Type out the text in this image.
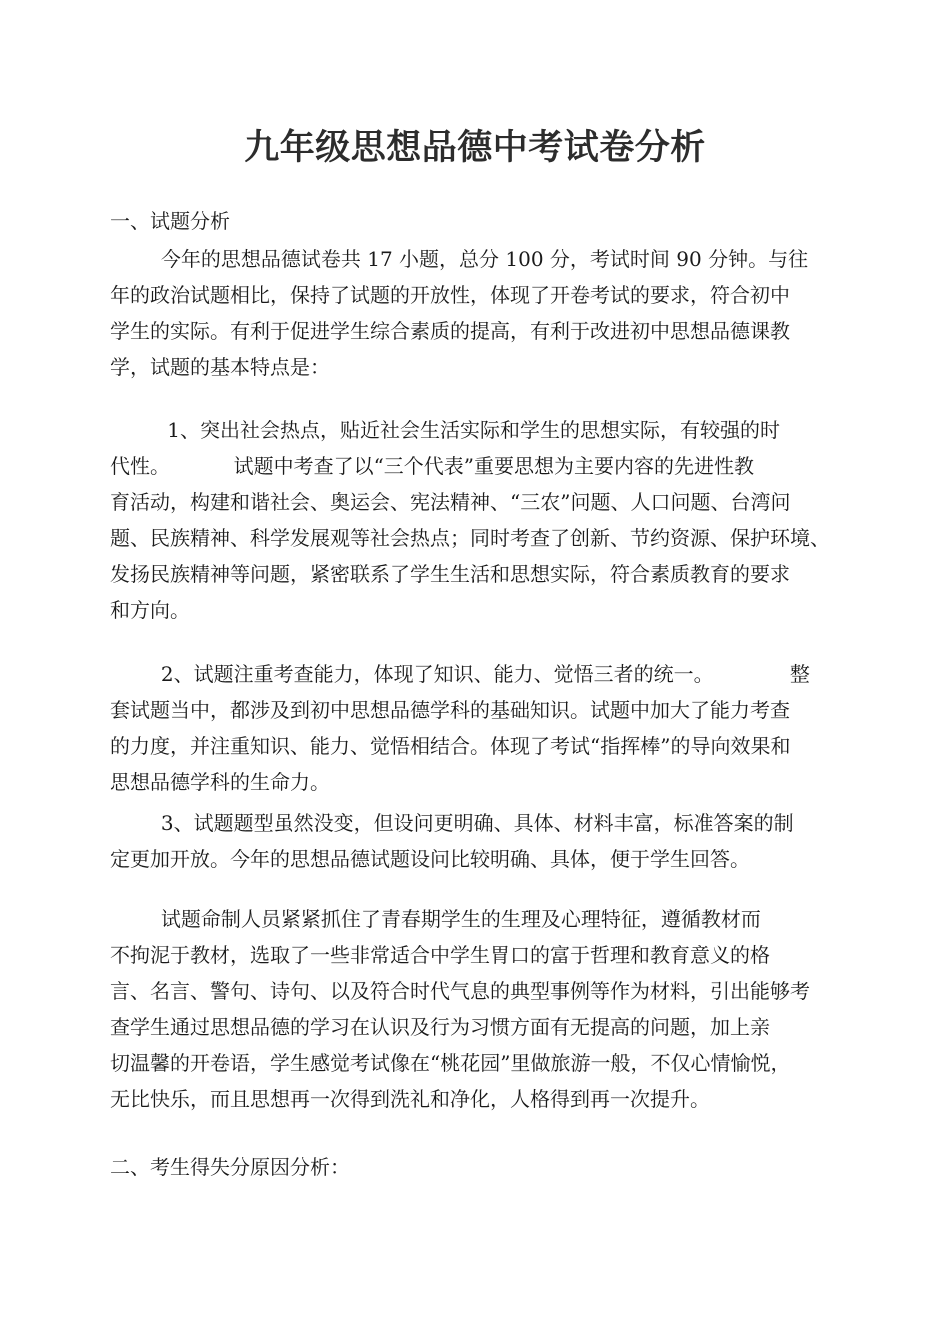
九年级思想品德中考试卷分析
一、试题分析
今年的思想品德试卷共 17 小题，总分 100 分，考试时间 90 分钟。与往
年的政治试题相比，保持了试题的开放性，体现了开卷考试的要求，符合初中
学生的实际。有利于促进学生综合素质的提高，有利于改进初中思想品德课教
学，试题的基本特点是：
1、突出社会热点，贴近社会生活实际和学生的思想实际，有较强的时
代性。          试题中考查了以“三个代表”重要思想为主要内容的先进性教
育活动，构建和谐社会、奥运会、宪法精神、“三农”问题、人口问题、台湾问
题、民族精神、科学发展观等社会热点；同时考查了创新、节约资源、保护环境、
发扬民族精神等问题，紧密联系了学生生活和思想实际，符合素质教育的要求
和方向。
2、试题注重考查能力，体现了知识、能力、觉悟三者的统一。            整
套试题当中，都涉及到初中思想品德学科的基础知识。试题中加大了能力考查
的力度，并注重知识、能力、觉悟相结合。体现了考试“指挥棒”的导向效果和
思想品德学科的生命力。
3、试题题型虽然没变，但设问更明确、具体、材料丰富，标准答案的制
定更加开放。今年的思想品德试题设问比较明确、具体，便于学生回答。
试题命制人员紧紧抓住了青春期学生的生理及心理特征，遵循教材而
不拘泥于教材，选取了一些非常适合中学生胃口的富于哲理和教育意义的格
言、名言、警句、诗句、以及符合时代气息的典型事例等作为材料，引出能够考
查学生通过思想品德的学习在认识及行为习惯方面有无提高的问题，加上亲
切温馨的开卷语，学生感觉考试像在“桃花园”里做旅游一般，不仅心情愉悦，
无比快乐，而且思想再一次得到洗礼和净化，人格得到再一次提升。
二、考生得失分原因分析：
